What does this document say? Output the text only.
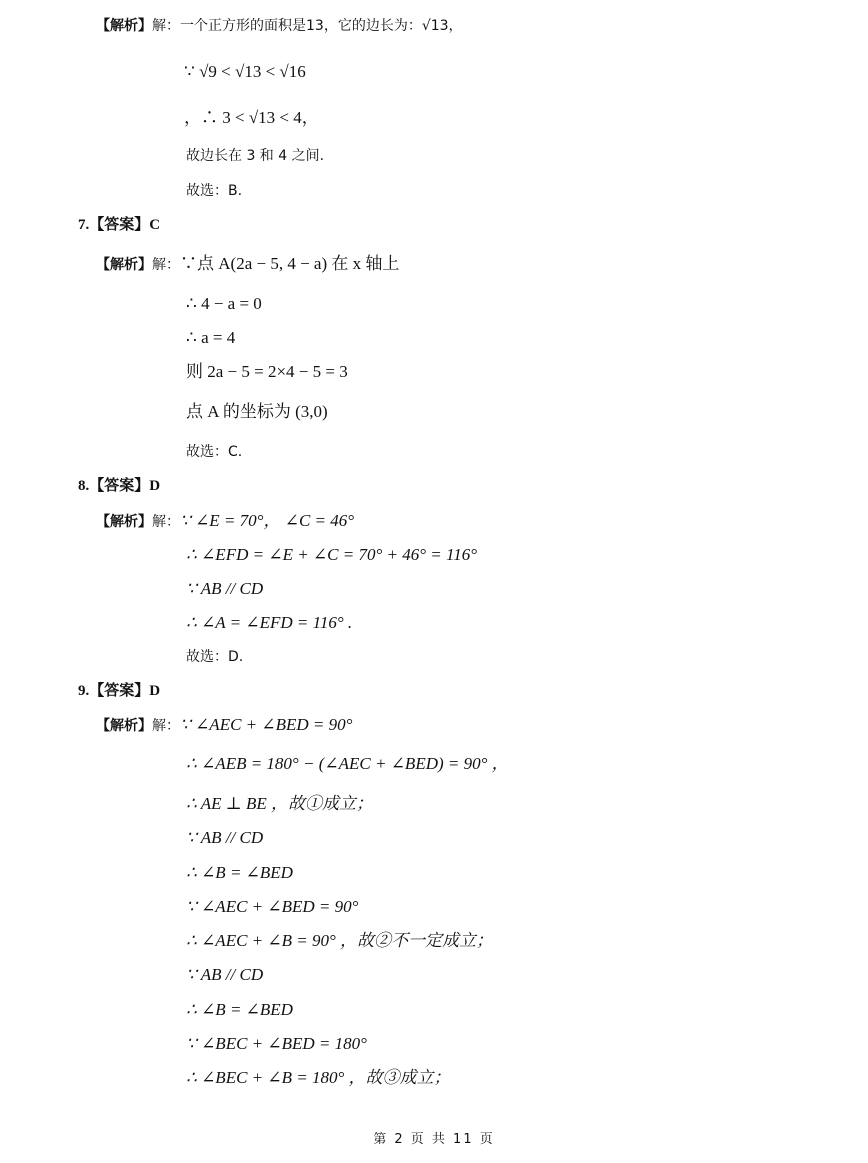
【解析】解：一个正方形的面积是13，它的边长为：√13，
∵ √9 < √13 < √16
，∴ 3 < √13 < 4，
故边长在 3 和 4 之间.
故选：B.
7.【答案】C
【解析】解：∵点 A(2a − 5, 4 − a) 在 x 轴上
∴ 4 − a = 0
∴ a = 4
则 2a − 5 = 2×4 − 5 = 3
点 A 的坐标为 (3,0)
故选：C.
8.【答案】D
【解析】解：∵ ∠E = 70°， ∠C = 46°
∴ ∠EFD = ∠E + ∠C = 70° + 46° = 116°
∵ AB // CD
∴ ∠A = ∠EFD = 116° .
故选：D.
9.【答案】D
【解析】解：∵ ∠AEC + ∠BED = 90°
∴ ∠AEB = 180° − (∠AEC + ∠BED) = 90° ，
∴ AE ⊥ BE ，故①成立；
∵ AB // CD
∴ ∠B = ∠BED
∵ ∠AEC + ∠BED = 90°
∴ ∠AEC + ∠B = 90° ，故②不一定成立；
∵ AB // CD
∴ ∠B = ∠BED
∵ ∠BEC + ∠BED = 180°
∴ ∠BEC + ∠B = 180° ，故③成立；
第 2 页 共 11 页
